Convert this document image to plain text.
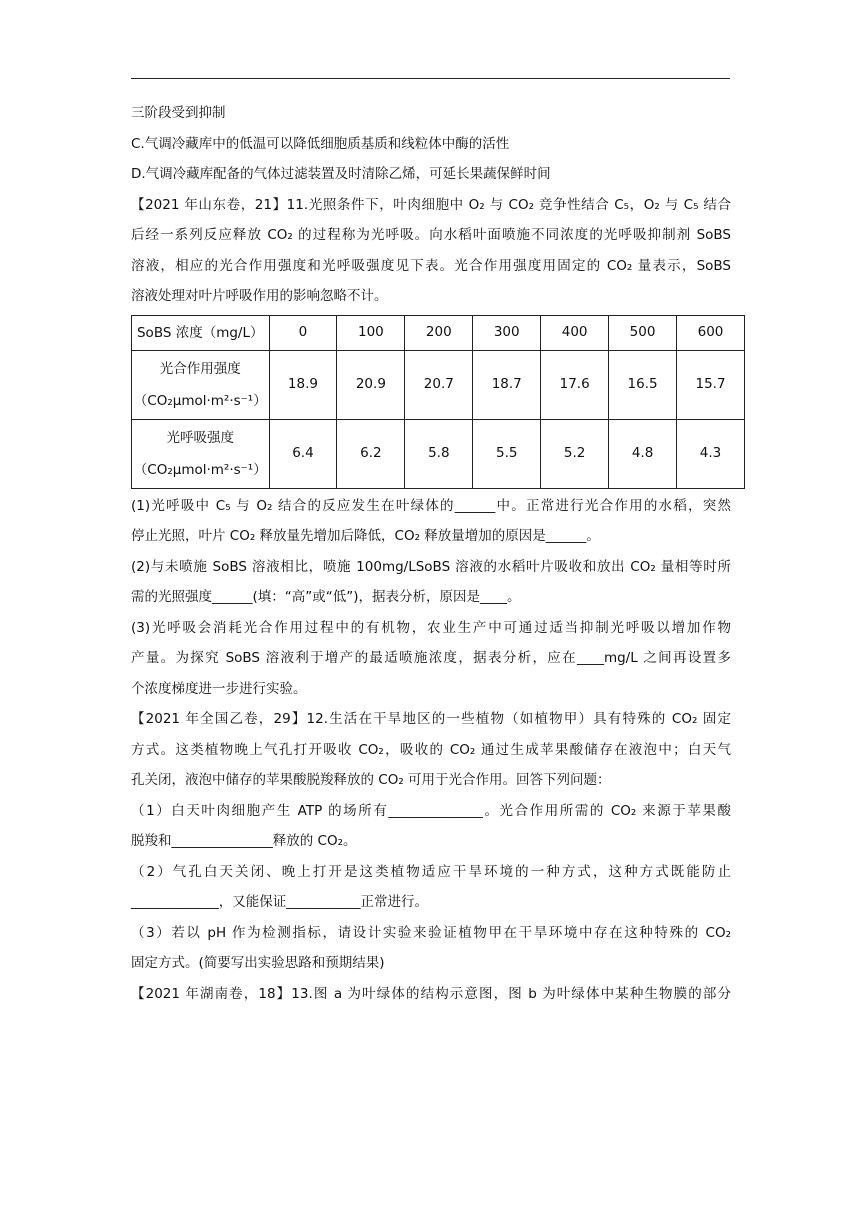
三阶段受到抑制
C.气调冷藏库中的低温可以降低细胞质基质和线粒体中酶的活性
D.气调冷藏库配备的气体过滤装置及时清除乙烯，可延长果蔬保鲜时间
【2021 年山东卷，21】11.光照条件下，叶肉细胞中 O₂ 与 CO₂ 竞争性结合 C₅，O₂ 与 C₅ 结合
后经一系列反应释放 CO₂ 的过程称为光呼吸。向水稻叶面喷施不同浓度的光呼吸抑制剂 SoBS
溶液，相应的光合作用强度和光呼吸强度见下表。光合作用强度用固定的 CO₂ 量表示，SoBS
溶液处理对叶片呼吸作用的影响忽略不计。
SoBS 浓度（mg/L）	0	100	200	300	400	500	600

光合作用强度
（CO₂μmol·m²·s⁻¹）	18.9	20.9	20.7	18.7	17.6	16.5	15.7

光呼吸强度
（CO₂μmol·m²·s⁻¹）	6.4	6.2	5.8	5.5	5.2	4.8	4.3
(1)光呼吸中 C₅ 与 O₂ 结合的反应发生在叶绿体的______中。正常进行光合作用的水稻，突然
停止光照，叶片 CO₂ 释放量先增加后降低，CO₂ 释放量增加的原因是______。
(2)与未喷施 SoBS 溶液相比，喷施 100mg/LSoBS 溶液的水稻叶片吸收和放出 CO₂ 量相等时所
需的光照强度______(填：“高”或“低”)，据表分析，原因是____。
(3)光呼吸会消耗光合作用过程中的有机物，农业生产中可通过适当抑制光呼吸以增加作物
产量。为探究 SoBS 溶液利于增产的最适喷施浓度，据表分析，应在____mg/L 之间再设置多
个浓度梯度进一步进行实验。
【2021 年全国乙卷，29】12.生活在干旱地区的一些植物（如植物甲）具有特殊的 CO₂ 固定
方式。这类植物晚上气孔打开吸收 CO₂，吸收的 CO₂ 通过生成苹果酸储存在液泡中；白天气
孔关闭，液泡中储存的苹果酸脱羧释放的 CO₂ 可用于光合作用。回答下列问题：
（1）白天叶肉细胞产生 ATP 的场所有______________。光合作用所需的 CO₂ 来源于苹果酸
脱羧和_______________释放的 CO₂。
（2）气孔白天关闭、晚上打开是这类植物适应干旱环境的一种方式，这种方式既能防止
_____________，又能保证___________正常进行。
（3）若以 pH 作为检测指标，请设计实验来验证植物甲在干旱环境中存在这种特殊的 CO₂
固定方式。(简要写出实验思路和预期结果)
【2021 年湖南卷，18】13.图 a 为叶绿体的结构示意图，图 b 为叶绿体中某种生物膜的部分
